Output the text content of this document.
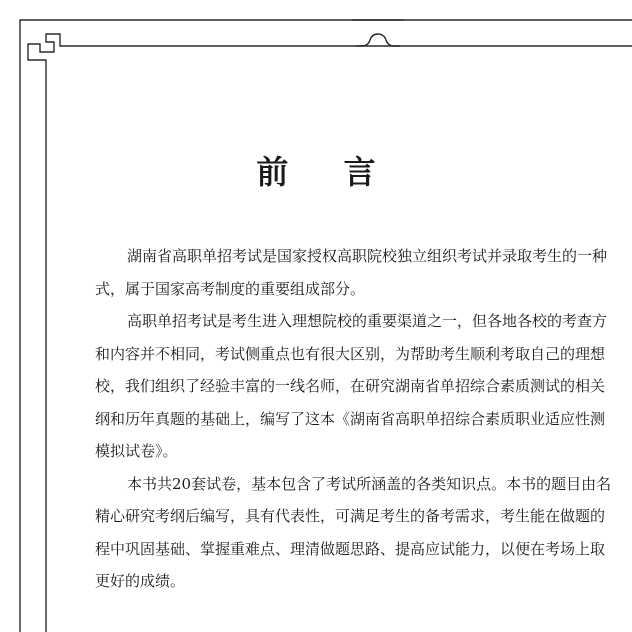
前 言
湖南省高职单招考试是国家授权高职院校独立组织考试并录取考生的一种
式，属于国家高考制度的重要组成部分。
高职单招考试是考生进入理想院校的重要渠道之一，但各地各校的考查方
和内容并不相同，考试侧重点也有很大区别，为帮助考生顺利考取自己的理想
校，我们组织了经验丰富的一线名师，在研究湖南省单招综合素质测试的相关
纲和历年真题的基础上，编写了这本《湖南省高职单招综合素质职业适应性测
模拟试卷》。
本书共20套试卷，基本包含了考试所涵盖的各类知识点。本书的题目由名
精心研究考纲后编写，具有代表性，可满足考生的备考需求，考生能在做题的
程中巩固基础、掌握重难点、理清做题思路、提高应试能力，以便在考场上取
更好的成绩。
